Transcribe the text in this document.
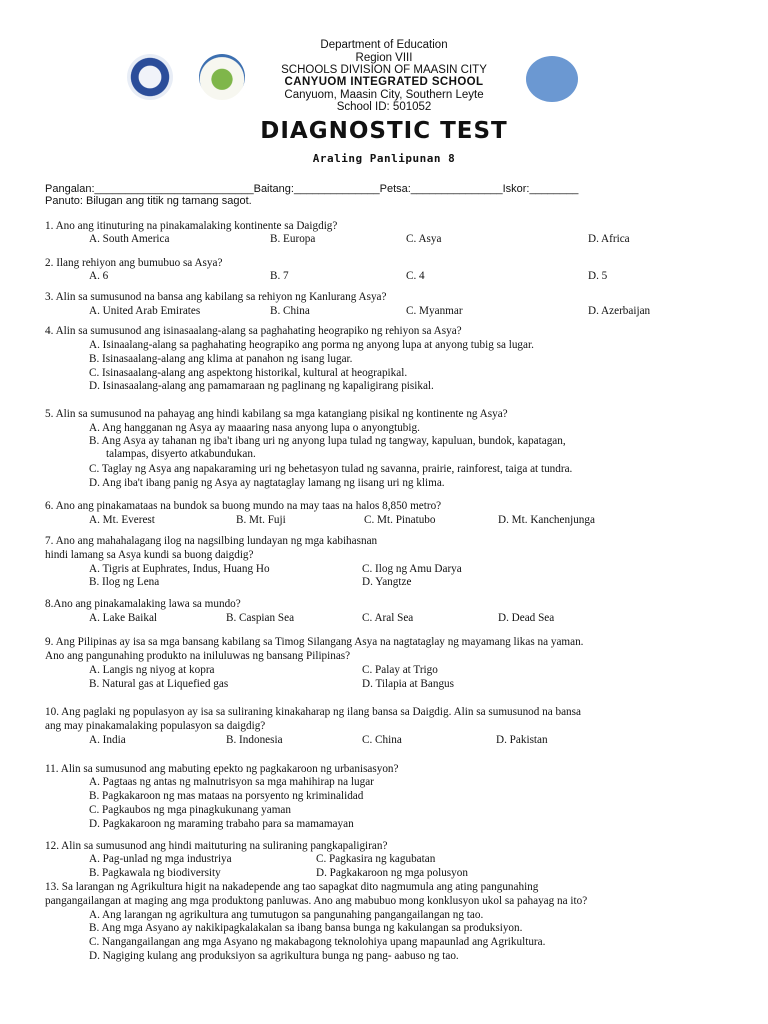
Department of Education
Region VIII
SCHOOLS DIVISION OF MAASIN CITY
CANYUOM INTEGRATED SCHOOL
Canyuom, Maasin City, Southern Leyte
School ID: 501052
DIAGNOSTIC TEST
Araling Panlipunan 8
Pangalan:__________________________Baitang:______________Petsa:_______________Iskor:________
Panuto: Bilugan ang titik ng tamang sagot.
1. Ano ang itinuturing na pinakamalaking kontinente sa Daigdig?
A. South America	B. Europa	C. Asya	D. Africa
2. Ilang rehiyon ang bumubuo sa Asya?
A. 6	B. 7	C. 4	D. 5
3. Alin sa sumusunod na bansa ang kabilang sa rehiyon ng Kanlurang Asya?
A. United Arab Emirates	B. China	C. Myanmar	D. Azerbaijan
4. Alin sa sumusunod ang isinasaalang-alang sa paghahating heograpiko ng rehiyon sa Asya?
A. Isinaalang-alang sa paghahating heograpiko ang porma ng anyong lupa at anyong tubig sa lugar.
B. Isinasaalang-alang ang klima at panahon ng isang lugar.
C. Isinasaalang-alang ang aspektong historikal, kultural at heograpikal.
D. Isinasaalang-alang ang pamamaraan ng paglinang ng kapaligirang pisikal.
5. Alin sa sumusunod na pahayag ang hindi kabilang sa mga katangiang pisikal ng kontinente ng Asya?
A. Ang hangganan ng Asya ay maaaring nasa anyong lupa o anyongtubig.
B. Ang Asya ay tahanan ng iba't ibang uri ng anyong lupa tulad ng tangway, kapuluan, bundok, kapatagan,
talampas, disyerto atkabundukan.
C. Taglay ng Asya ang napakaraming uri ng behetasyon tulad ng savanna, prairie, rainforest, taiga at tundra.
D. Ang iba't ibang panig ng Asya ay nagtataglay lamang ng iisang uri ng klima.
6. Ano ang pinakamataas na bundok sa buong mundo na may taas na halos 8,850 metro?
A. Mt. Everest	B. Mt. Fuji	C. Mt. Pinatubo	D. Mt. Kanchenjunga
7. Ano ang mahahalagang ilog na nagsilbing lundayan ng mga kabihasnan
hindi lamang sa Asya kundi sa buong daigdig?
A. Tigris at Euphrates, Indus, Huang Ho	C. Ilog ng Amu Darya
B. Ilog ng Lena	D. Yangtze
8.Ano ang pinakamalaking lawa sa mundo?
A. Lake Baikal	B. Caspian Sea	C. Aral Sea	D. Dead Sea
9. Ang Pilipinas ay isa sa mga bansang kabilang sa Timog Silangang Asya na nagtataglay ng mayamang likas na yaman.
Ano ang pangunahing produkto na iniluluwas ng bansang Pilipinas?
A. Langis ng niyog at kopra	C. Palay at Trigo
B. Natural gas at Liquefied gas	D. Tilapia at Bangus
10. Ang paglaki ng populasyon ay isa sa suliraning kinakaharap ng ilang bansa sa Daigdig. Alin sa sumusunod na bansa
ang may pinakamalaking populasyon sa daigdig?
A. India	B. Indonesia	C. China	D. Pakistan
11. Alin sa sumusunod ang mabuting epekto ng pagkakaroon ng urbanisasyon?
A. Pagtaas ng antas ng malnutrisyon sa mga mahihirap na lugar
B. Pagkakaroon ng mas mataas na porsyento ng kriminalidad
C. Pagkaubos ng mga pinagkukunang yaman
D. Pagkakaroon ng maraming trabaho para sa mamamayan
12. Alin sa sumusunod ang hindi maituturing na suliraning pangkapaligiran?
A. Pag-unlad ng mga industriya	C. Pagkasira ng kagubatan
B. Pagkawala ng biodiversity	D. Pagkakaroon ng mga polusyon
13. Sa larangan ng Agrikultura higit na nakadepende ang tao sapagkat dito nagmumula ang ating pangunahing
pangangailangan at maging ang mga produktong panluwas. Ano ang mabubuo mong konklusyon ukol sa pahayag na ito?
A. Ang larangan ng agrikultura ang tumutugon sa pangunahing pangangailangan ng tao.
B. Ang mga Asyano ay nakikipagkalakalan sa ibang bansa bunga ng kakulangan sa produksiyon.
C. Nangangailangan ang mga Asyano ng makabagong teknolohiya upang mapaunlad ang Agrikultura.
D. Nagiging kulang ang produksiyon sa agrikultura bunga ng pang- aabuso ng tao.
